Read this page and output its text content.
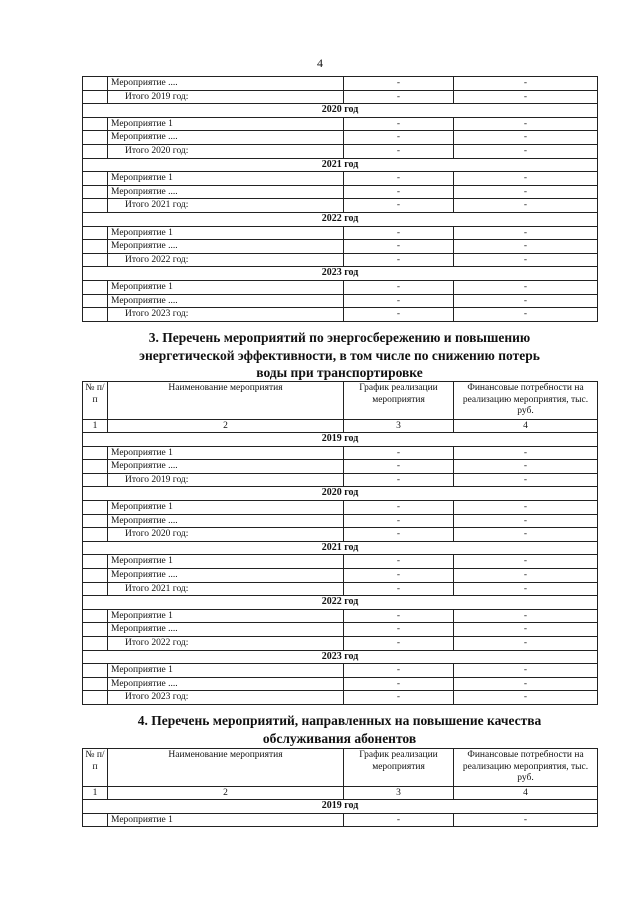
4
	Мероприятие ....	-	-
	Итого 2019 год:	-	-
2020 год			
	Мероприятие 1	-	-
	Мероприятие ....	-	-
	Итого 2020 год:	-	-
2021 год			
	Мероприятие 1	-	-
	Мероприятие ....	-	-
	Итого 2021 год:	-	-
2022 год			
	Мероприятие 1	-	-
	Мероприятие ....	-	-
	Итого 2022 год:	-	-
2023 год			
	Мероприятие 1	-	-
	Мероприятие ....	-	-
	Итого 2023 год:	-	-
3. Перечень мероприятий по энергосбережению и повышению
энергетической эффективности, в том числе по снижению потерь
воды при транспортировке
№ п/п	Наименование мероприятия	График реализации мероприятия	Финансовые потребности на реализацию мероприятия, тыс. руб.
1	2	3	4
2019 год			
	Мероприятие 1	-	-
	Мероприятие ....	-	-
	Итого 2019 год:	-	-
2020 год			
	Мероприятие 1	-	-
	Мероприятие ....	-	-
	Итого 2020 год:	-	-
2021 год			
	Мероприятие 1	-	-
	Мероприятие ....	-	-
	Итого 2021 год:	-	-
2022 год			
	Мероприятие 1	-	-
	Мероприятие ....	-	-
	Итого 2022 год:	-	-
2023 год			
	Мероприятие 1	-	-
	Мероприятие ....	-	-
	Итого 2023 год:	-	-
4. Перечень мероприятий, направленных на повышение качества
обслуживания абонентов
№ п/п	Наименование мероприятия	График реализации мероприятия	Финансовые потребности на реализацию мероприятия, тыс. руб.
1	2	3	4
2019 год			
	Мероприятие 1	-	-
